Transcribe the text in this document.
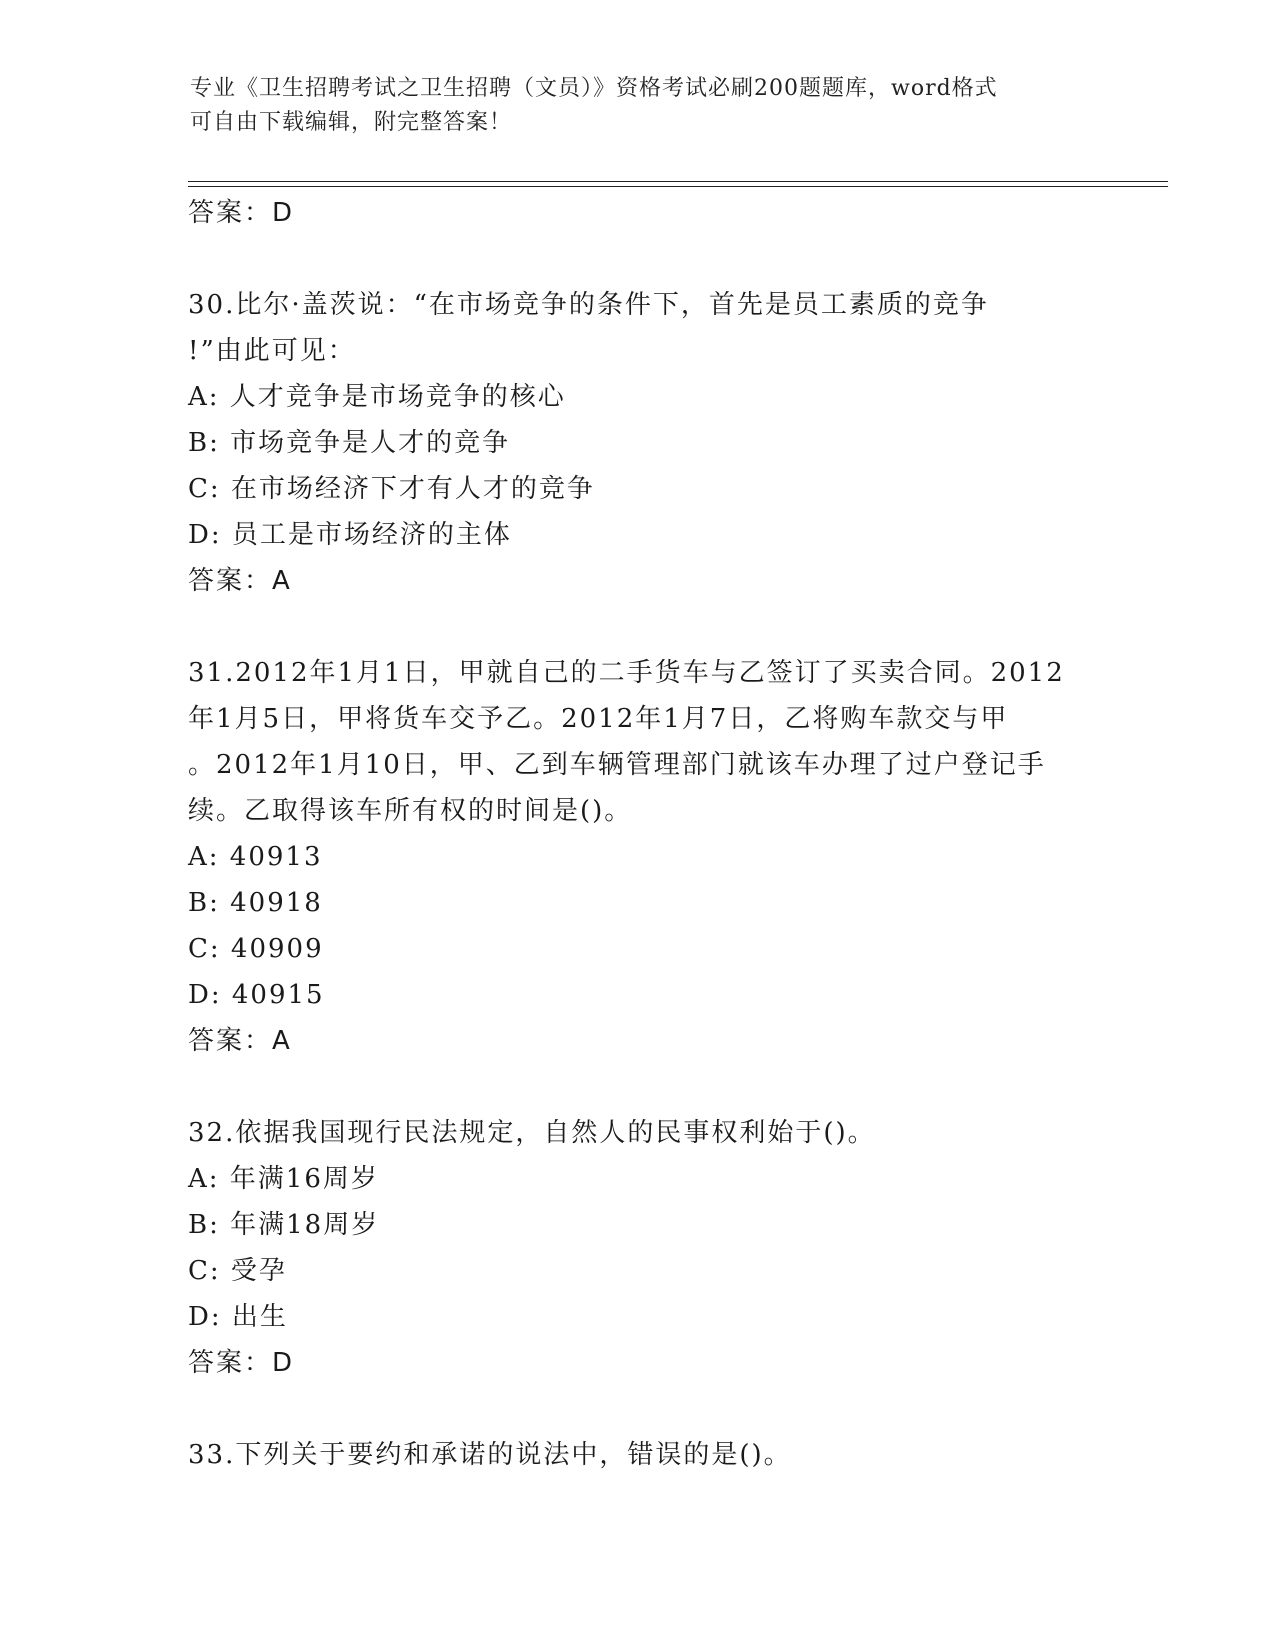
专业《卫生招聘考试之卫生招聘（文员）》资格考试必刷200题题库，word格式
可自由下载编辑，附完整答案！
答案：D
30.比尔·盖茨说：“在市场竞争的条件下，首先是员工素质的竞争
!”由此可见：
A: 人才竞争是市场竞争的核心
B: 市场竞争是人才的竞争
C: 在市场经济下才有人才的竞争
D: 员工是市场经济的主体
答案：A
31.2012年1月1日，甲就自己的二手货车与乙签订了买卖合同。2012
年1月5日，甲将货车交予乙。2012年1月7日，乙将购车款交与甲
。2012年1月10日，甲、乙到车辆管理部门就该车办理了过户登记手
续。乙取得该车所有权的时间是()。
A: 40913
B: 40918
C: 40909
D: 40915
答案：A
32.依据我国现行民法规定，自然人的民事权利始于()。
A: 年满16周岁
B: 年满18周岁
C: 受孕
D: 出生
答案：D
33.下列关于要约和承诺的说法中，错误的是()。
